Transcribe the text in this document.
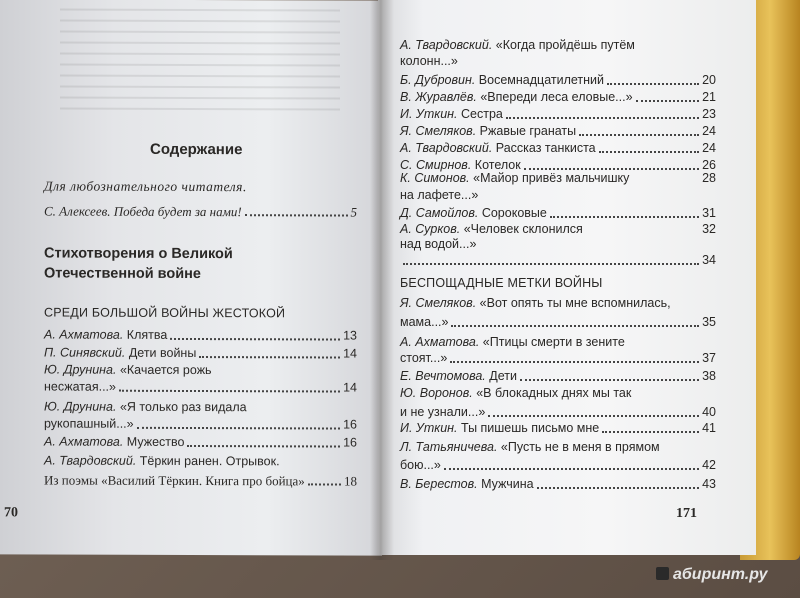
Содержание
Для любознательного читателя.
С. Алексеев. Победа будет за нами!	5
Стихотворения о Великой
Отечественной войне
СРЕДИ БОЛЬШОЙ ВОЙНЫ ЖЕСТОКОЙ
А. Ахматова. Клятва	13
П. Синявский. Дети войны	14
Ю. Друнина. «Качается рожь
несжатая...»	14
Ю. Друнина. «Я только раз видала
рукопашный...»	16
А. Ахматова. Мужество	16
А. Твардовский. Тёркин ранен. Отрывок.
Из поэмы «Василий Тёркин. Книга про бойца»	18
70
А. Твардовский. «Когда пройдёшь путём
колонн...»
Б. Дубровин. Восемнадцатилетний	20
В. Журавлёв. «Впереди леса еловые...»	21
И. Уткин. Сестра	23
Я. Смеляков. Ржавые гранаты	24
А. Твардовский. Рассказ танкиста	24
С. Смирнов. Котелок	26
К. Симонов. «Майор привёз мальчишку	28
на лафете...»
Д. Самойлов. Сороковые	31
А. Сурков. «Человек склонился	32
над водой...»
34
БЕСПОЩАДНЫЕ МЕТКИ ВОЙНЫ
Я. Смеляков. «Вот опять ты мне вспомнилась,
мама...»	35
А. Ахматова. «Птицы смерти в зените
стоят...»	37
Е. Вечтомова. Дети	38
Ю. Воронов. «В блокадных днях мы так
и не узнали...»	40
И. Уткин. Ты пишешь письмо мне	41
Л. Татьяничева. «Пусть не в меня в прямом
бою...»	42
В. Берестов. Мужчина	43
171
абиринт.ру
